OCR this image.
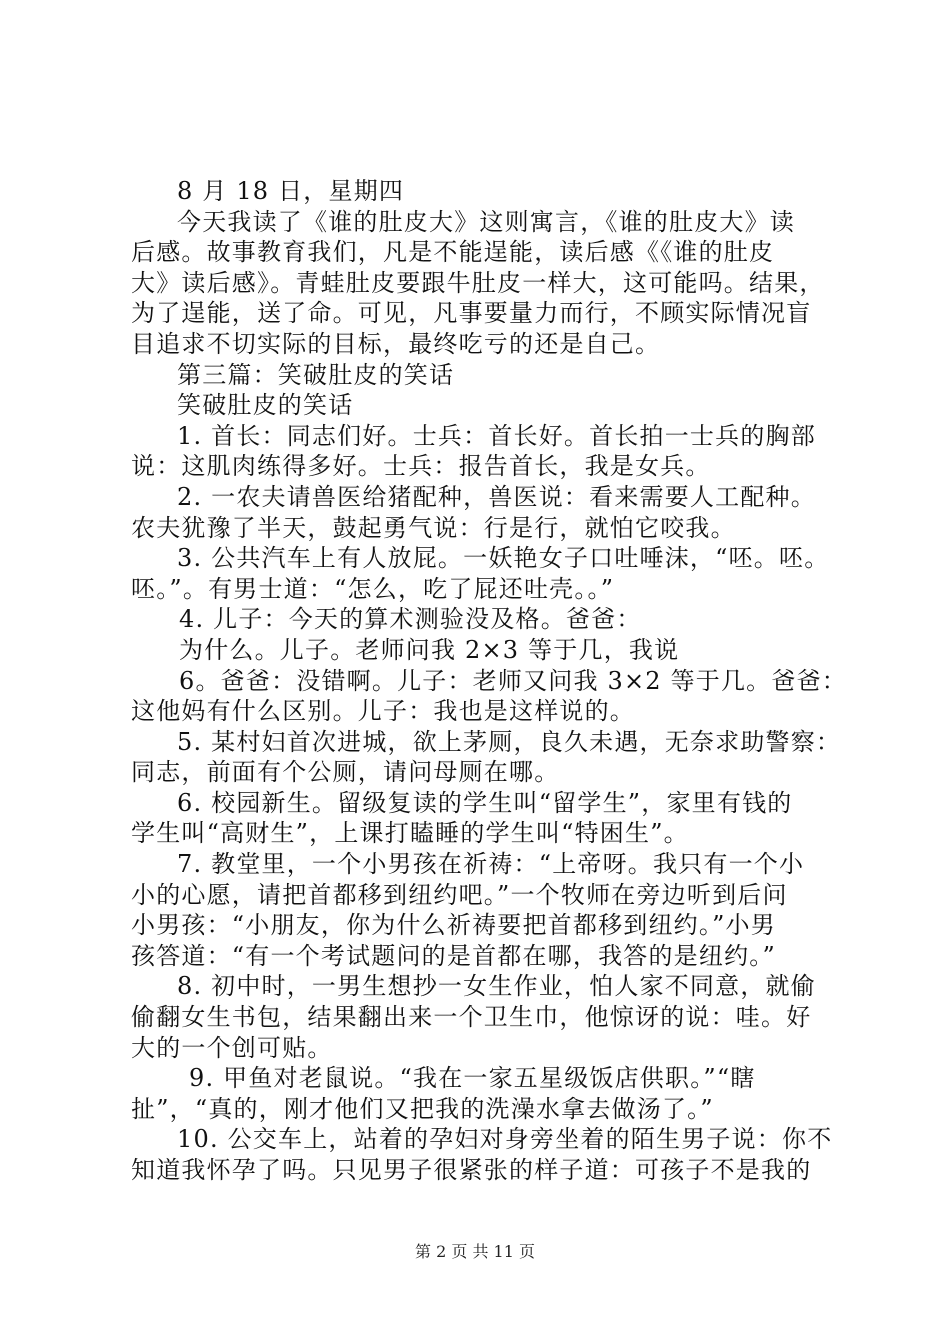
8 月 18 日，星期四
今天我读了《谁的肚皮大》这则寓言，《谁的肚皮大》读
后感。故事教育我们，凡是不能逞能，读后感《《谁的肚皮
大》读后感》。青蛙肚皮要跟牛肚皮一样大，这可能吗。结果，
为了逞能，送了命。可见，凡事要量力而行，不顾实际情况盲
目追求不切实际的目标，最终吃亏的还是自己。
第三篇：笑破肚皮的笑话
笑破肚皮的笑话
1. 首长：同志们好。士兵：首长好。首长拍一士兵的胸部
说：这肌肉练得多好。士兵：报告首长，我是女兵。
2. 一农夫请兽医给猪配种，兽医说：看来需要人工配种。
农夫犹豫了半天，鼓起勇气说：行是行，就怕它咬我。
3. 公共汽车上有人放屁。一妖艳女子口吐唾沫，“呸。呸。
呸。”。有男士道：“怎么，吃了屁还吐壳。。”
4. 儿子：今天的算术测验没及格。爸爸：
为什么。儿子。老师问我 2×3 等于几，我说
6。爸爸：没错啊。儿子：老师又问我 3×2 等于几。爸爸：
这他妈有什么区别。儿子：我也是这样说的。
5. 某村妇首次进城，欲上茅厕，良久未遇，无奈求助警察：
同志，前面有个公厕，请问母厕在哪。
6. 校园新生。留级复读的学生叫“留学生”，家里有钱的
学生叫“高财生”，上课打瞌睡的学生叫“特困生”。
7. 教堂里，一个小男孩在祈祷：“上帝呀。我只有一个小
小的心愿，请把首都移到纽约吧。”一个牧师在旁边听到后问
小男孩：“小朋友，你为什么祈祷要把首都移到纽约。”小男
孩答道：“有一个考试题问的是首都在哪，我答的是纽约。”
8. 初中时，一男生想抄一女生作业，怕人家不同意，就偷
偷翻女生书包，结果翻出来一个卫生巾，他惊讶的说：哇。好
大的一个创可贴。
9. 甲鱼对老鼠说。“我在一家五星级饭店供职。”“瞎
扯”，“真的，刚才他们又把我的洗澡水拿去做汤了。”
10. 公交车上，站着的孕妇对身旁坐着的陌生男子说：你不
知道我怀孕了吗。只见男子很紧张的样子道：可孩子不是我的
第 2 页 共 11 页
